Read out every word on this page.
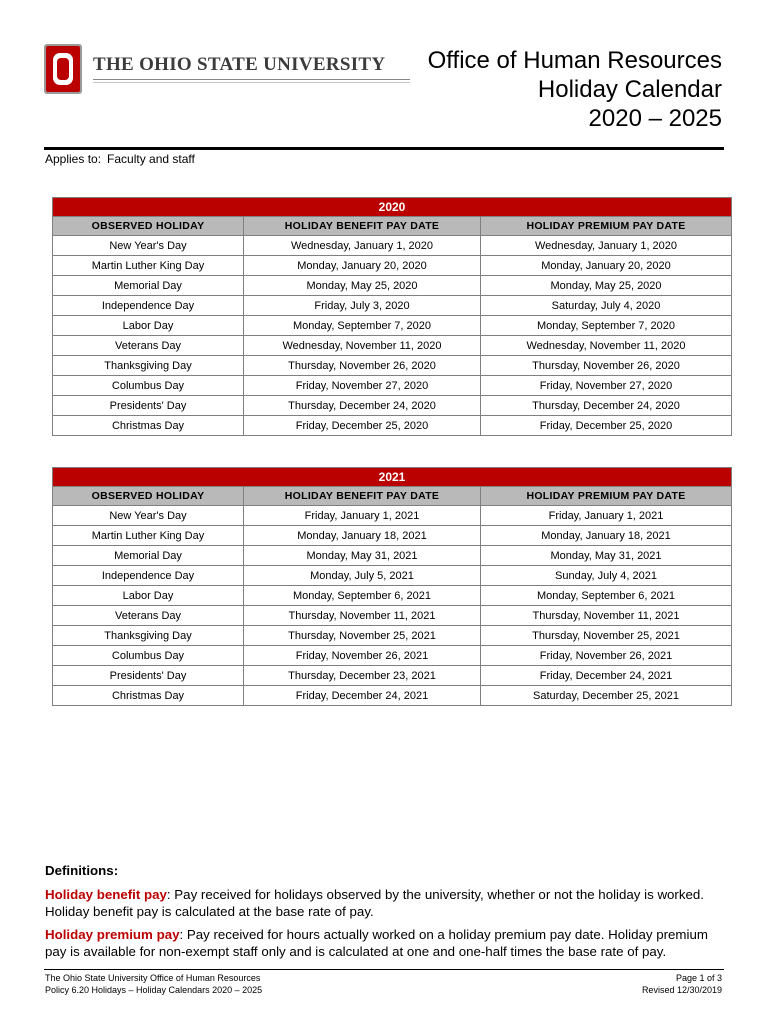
THE OHIO STATE UNIVERSITY Office of Human Resources
Holiday Calendar
2020 – 2025
Applies to: Faculty and staff
2020		
OBSERVED HOLIDAY	HOLIDAY BENEFIT PAY DATE	HOLIDAY PREMIUM PAY DATE
New Year's Day	Wednesday, January 1, 2020	Wednesday, January 1, 2020
Martin Luther King Day	Monday, January 20, 2020	Monday, January 20, 2020
Memorial Day	Monday, May 25, 2020	Monday, May 25, 2020
Independence Day	Friday, July 3, 2020	Saturday, July 4, 2020
Labor Day	Monday, September 7, 2020	Monday, September 7, 2020
Veterans Day	Wednesday, November 11, 2020	Wednesday, November 11, 2020
Thanksgiving Day	Thursday, November 26, 2020	Thursday, November 26, 2020
Columbus Day	Friday, November 27, 2020	Friday, November 27, 2020
Presidents' Day	Thursday, December 24, 2020	Thursday, December 24, 2020
Christmas Day	Friday, December 25, 2020	Friday, December 25, 2020
2021		
OBSERVED HOLIDAY	HOLIDAY BENEFIT PAY DATE	HOLIDAY PREMIUM PAY DATE
New Year's Day	Friday, January 1, 2021	Friday, January 1, 2021
Martin Luther King Day	Monday, January 18, 2021	Monday, January 18, 2021
Memorial Day	Monday, May 31, 2021	Monday, May 31, 2021
Independence Day	Monday, July 5, 2021	Sunday, July 4, 2021
Labor Day	Monday, September 6, 2021	Monday, September 6, 2021
Veterans Day	Thursday, November 11, 2021	Thursday, November 11, 2021
Thanksgiving Day	Thursday, November 25, 2021	Thursday, November 25, 2021
Columbus Day	Friday, November 26, 2021	Friday, November 26, 2021
Presidents' Day	Thursday, December 23, 2021	Friday, December 24, 2021
Christmas Day	Friday, December 24, 2021	Saturday, December 25, 2021
Definitions:

Holiday benefit pay: Pay received for holidays observed by the university, whether or not the holiday is worked. Holiday benefit pay is calculated at the base rate of pay.

Holiday premium pay: Pay received for hours actually worked on a holiday premium pay date. Holiday premium pay is available for non-exempt staff only and is calculated at one and one-half times the base rate of pay.

The Ohio State University Office of Human Resources
Policy 6.20 Holidays – Holiday Calendars 2020 – 2025
Page 1 of 3
Revised 12/30/2019
